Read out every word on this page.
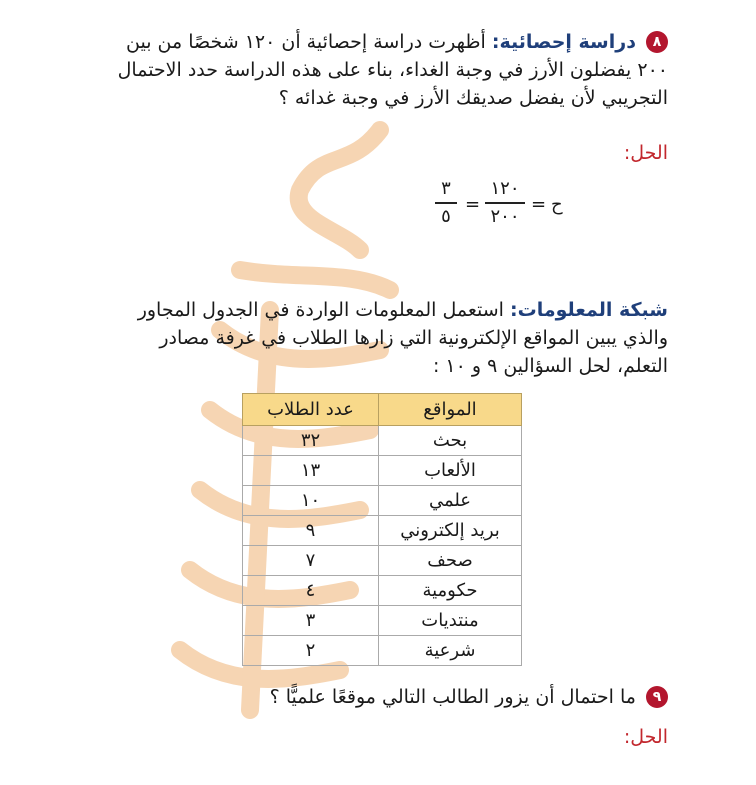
٨ دراسة إحصائية: أظهرت دراسة إحصائية أن ١٢٠ شخصًا من بين ٢٠٠ يفضلون الأرز في وجبة الغداء، بناء على هذه الدراسة حدد الاحتمال التجريبي لأن يفضل صديقك الأرز في وجبة غدائه ؟
الحل:
٣
٥
=
١٢٠
٢٠٠
= ح
شبكة المعلومات: استعمل المعلومات الواردة في الجدول المجاور والذي يبين المواقع الإلكترونية التي زارها الطلاب في غرفة مصادر التعلم، لحل السؤالين ٩ و ١٠ :
المواقع	عدد الطلاب
بحث	٣٢
الألعاب	١٣
علمي	١٠
بريد إلكتروني	٩
صحف	٧
حكومية	٤
منتديات	٣
شرعية	٢
٩ ما احتمال أن يزور الطالب التالي موقعًا علميًّا ؟
الحل:
